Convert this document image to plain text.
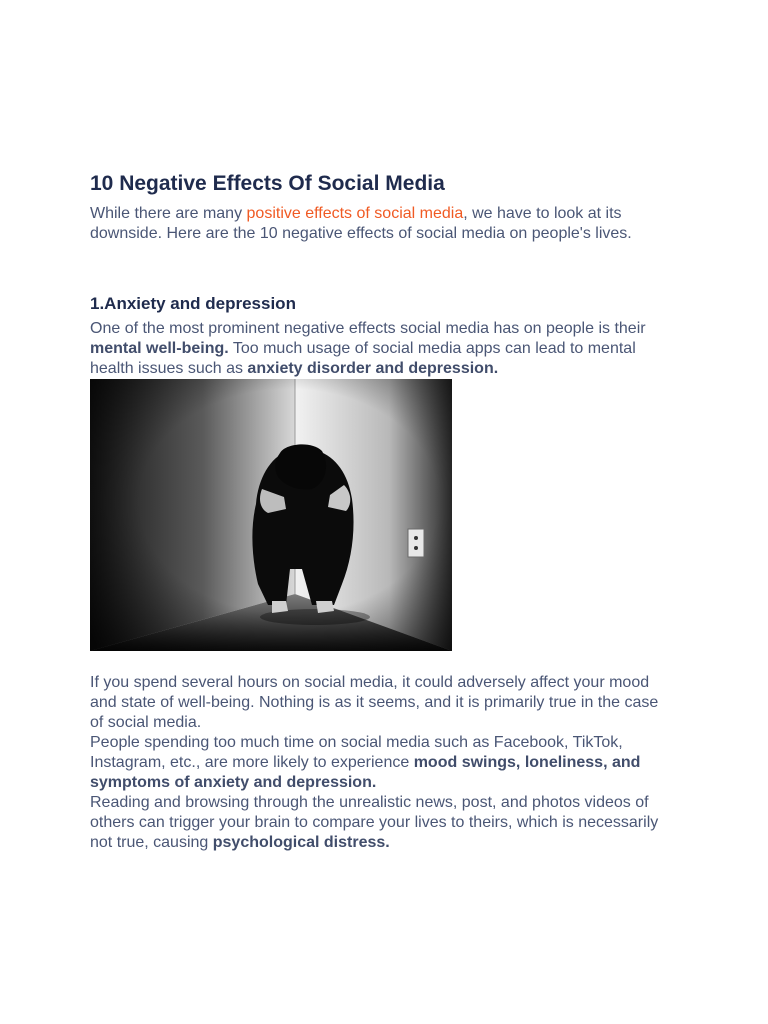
10 Negative Effects Of Social Media

While there are many positive effects of social media, we have to look at its downside. Here are the 10 negative effects of social media on people's lives.

1.Anxiety and depression

One of the most prominent negative effects social media has on people is their mental well-being. Too much usage of social media apps can lead to mental health issues such as anxiety disorder and depression.

If you spend several hours on social media, it could adversely affect your mood and state of well-being. Nothing is as it seems, and it is primarily true in the case of social media.

People spending too much time on social media such as Facebook, TikTok, Instagram, etc., are more likely to experience mood swings, loneliness, and symptoms of anxiety and depression.

Reading and browsing through the unrealistic news, post, and photos videos of others can trigger your brain to compare your lives to theirs, which is necessarily not true, causing psychological distress.
